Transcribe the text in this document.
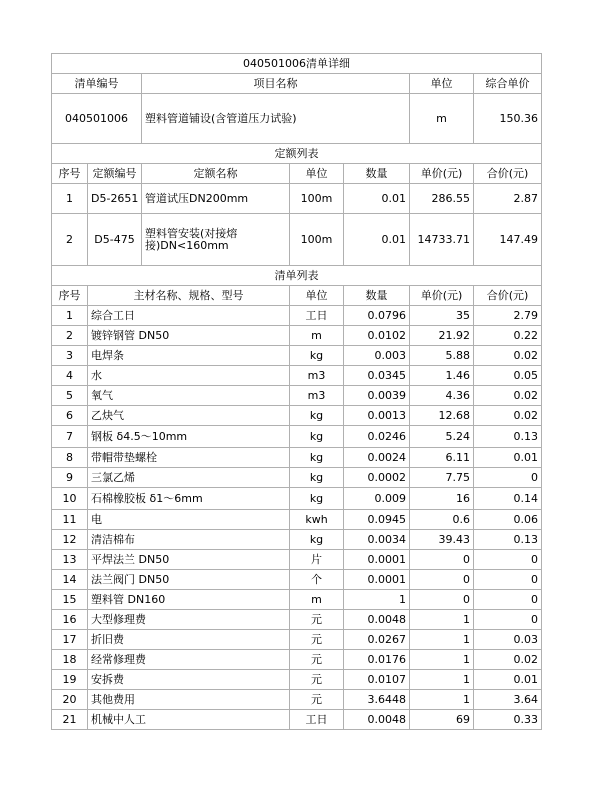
040501006清单详细						
清单编号		项目名称			单位	综合单价
040501006		塑料管道铺设(含管道压力试验)			m	150.36
定额列表						
序号	定额编号	定额名称	单位	数量	单价(元)	合价(元)
1	D5-2651	管道试压DN200mm	100m	0.01	286.55	2.87
2	D5-475	塑料管安装(对接熔接)DN<160mm	100m	0.01	14733.71	147.49
清单列表						
序号	主材名称、规格、型号		单位	数量	单价(元)	合价(元)
1	综合工日		工日	0.0796	35	2.79
2	镀锌钢管 DN50		m	0.0102	21.92	0.22
3	电焊条		kg	0.003	5.88	0.02
4	水		m3	0.0345	1.46	0.05
5	氧气		m3	0.0039	4.36	0.02
6	乙炔气		kg	0.0013	12.68	0.02
7	钢板 δ4.5～10mm		kg	0.0246	5.24	0.13
8	带帽带垫螺栓		kg	0.0024	6.11	0.01
9	三氯乙烯		kg	0.0002	7.75	0
10	石棉橡胶板 δ1～6mm		kg	0.009	16	0.14
11	电		kwh	0.0945	0.6	0.06
12	清洁棉布		kg	0.0034	39.43	0.13
13	平焊法兰 DN50		片	0.0001	0	0
14	法兰阀门 DN50		个	0.0001	0	0
15	塑料管 DN160		m	1	0	0
16	大型修理费		元	0.0048	1	0
17	折旧费		元	0.0267	1	0.03
18	经常修理费		元	0.0176	1	0.02
19	安拆费		元	0.0107	1	0.01
20	其他费用		元	3.6448	1	3.64
21	机械中人工		工日	0.0048	69	0.33
